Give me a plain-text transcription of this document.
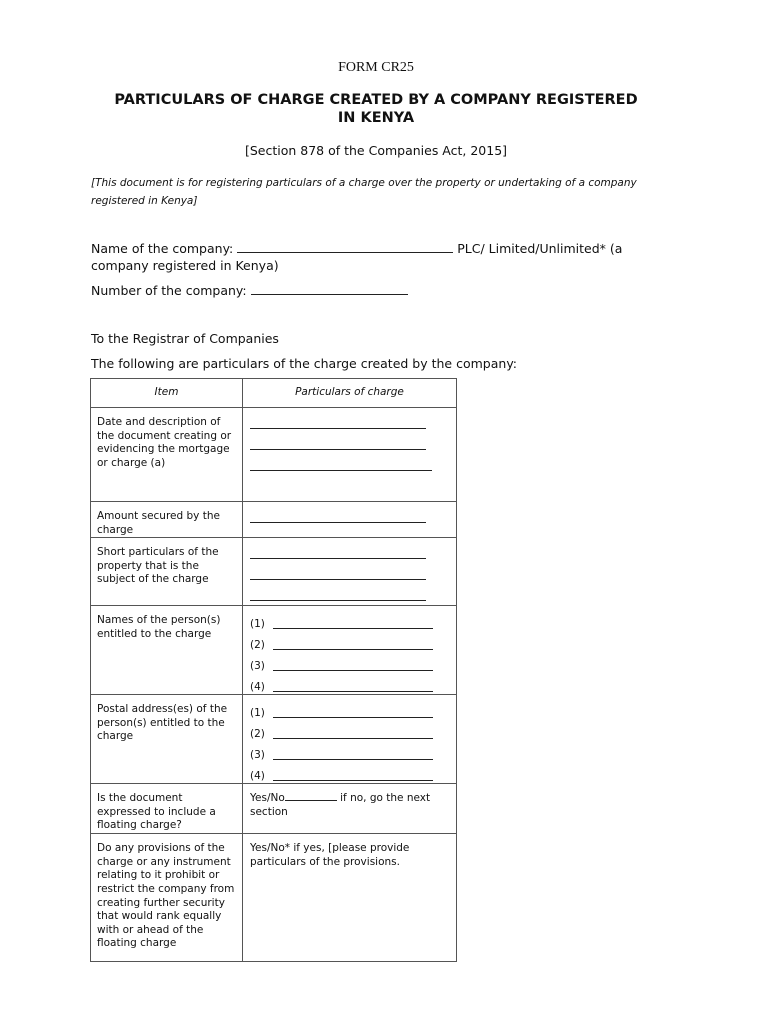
FORM CR25
PARTICULARS OF CHARGE CREATED BY A COMPANY REGISTERED
IN KENYA
[Section 878 of the Companies Act, 2015]
[This document is for registering particulars of a charge over the property or undertaking of a company registered in Kenya]
Name of the company:	PLC/ Limited/Unlimited* (a company registered in Kenya)
Number of the company:
To the Registrar of Companies
The following are particulars of the charge created by the company:
Item	Particulars of charge
Date and description of the document creating or evidencing the mortgage or charge (a)	

Amount secured by the charge	

Short particulars of the property that is the subject of the charge	

Names of the person(s) entitled to the charge	(1)
(2)
(3)
(4)

Postal address(es) of the person(s) entitled to the charge	(1)
(2)
(3)
(4)

Is the document expressed to include a floating charge?	Yes/No if no, go the next section
Do any provisions of the charge or any instrument relating to it prohibit or restrict the company from creating further security that would rank equally with or ahead of the floating charge	Yes/No* if yes, [please provide particulars of the provisions.
